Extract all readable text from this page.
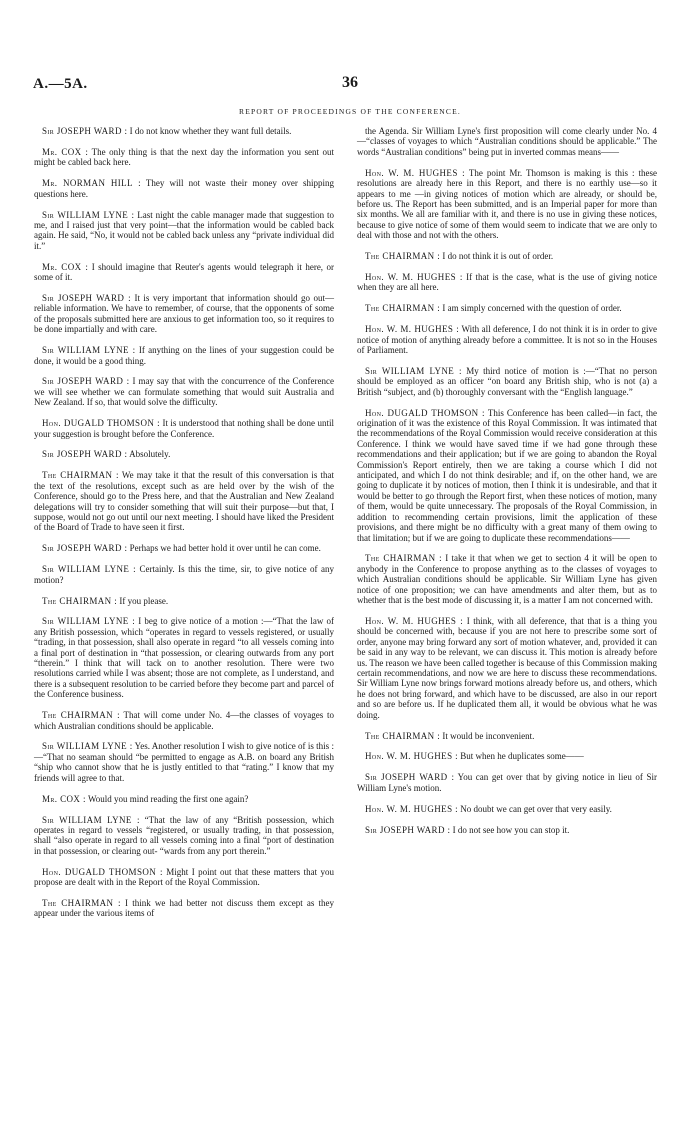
A.—5A.	36
REPORT OF PROCEEDINGS OF THE CONFERENCE.

Sir JOSEPH WARD : I do not know whether they want full details.

Mr. COX : The only thing is that the next day the information you sent out might be cabled back here.

Mr. NORMAN HILL : They will not waste their money over shipping questions here.

Sir WILLIAM LYNE : Last night the cable manager made that suggestion to me, and I raised just that very point—that the information would be cabled back again. He said, “No, it would not be cabled back unless any “private individual did it.”

Mr. COX : I should imagine that Reuter's agents would telegraph it here, or some of it.

Sir JOSEPH WARD : It is very important that information should go out—reliable information. We have to remember, of course, that the opponents of some of the proposals submitted here are anxious to get information too, so it requires to be done impartially and with care.

Sir WILLIAM LYNE : If anything on the lines of your suggestion could be done, it would be a good thing.

Sir JOSEPH WARD : I may say that with the concurrence of the Conference we will see whether we can formulate something that would suit Australia and New Zealand. If so, that would solve the difficulty.

Hon. DUGALD THOMSON : It is understood that nothing shall be done until your suggestion is brought before the Conference.

Sir JOSEPH WARD : Absolutely.

The CHAIRMAN : We may take it that the result of this conversation is that the text of the resolutions, except such as are held over by the wish of the Conference, should go to the Press here, and that the Australian and New Zealand delegations will try to consider something that will suit their purpose—but that, I suppose, would not go out until our next meeting. I should have liked the President of the Board of Trade to have seen it first.

Sir JOSEPH WARD : Perhaps we had better hold it over until he can come.

Sir WILLIAM LYNE : Certainly. Is this the time, sir, to give notice of any motion?

The CHAIRMAN : If you please.

Sir WILLIAM LYNE : I beg to give notice of a motion :—“That the law of any British possession, which “operates in regard to vessels registered, or usually “trading, in that possession, shall also operate in regard “to all vessels coming into a final port of destination in “that possession, or clearing outwards from any port “therein.” I think that will tack on to another resolution. There were two resolutions carried while I was absent; those are not complete, as I understand, and there is a subsequent resolution to be carried before they become part and parcel of the Conference business.

The CHAIRMAN : That will come under No. 4—the classes of voyages to which Australian conditions should be applicable.

Sir WILLIAM LYNE : Yes. Another resolution I wish to give notice of is this :—“That no seaman should “be permitted to engage as A.B. on board any British “ship who cannot show that he is justly entitled to that “rating.” I know that my friends will agree to that.

Mr. COX : Would you mind reading the first one again?

Sir WILLIAM LYNE : “That the law of any “British possession, which operates in regard to vessels “registered, or usually trading, in that possession, shall “also operate in regard to all vessels coming into a final “port of destination in that possession, or clearing out- “wards from any port therein.”

Hon. DUGALD THOMSON : Might I point out that these matters that you propose are dealt with in the Report of the Royal Commission.

The CHAIRMAN : I think we had better not discuss them except as they appear under the various items of

the Agenda. Sir William Lyne's first proposition will come clearly under No. 4—“classes of voyages to which “Australian conditions should be applicable.” The words “Australian conditions” being put in inverted commas means——

Hon. W. M. HUGHES : The point Mr. Thomson is making is this : these resolutions are already here in this Report, and there is no earthly use—so it appears to me —in giving notices of motion which are already, or should be, before us. The Report has been submitted, and is an Imperial paper for more than six months. We all are familiar with it, and there is no use in giving these notices, because to give notice of some of them would seem to indicate that we are only to deal with those and not with the others.

The CHAIRMAN : I do not think it is out of order.

Hon. W. M. HUGHES : If that is the case, what is the use of giving notice when they are all here.

The CHAIRMAN : I am simply concerned with the question of order.

Hon. W. M. HUGHES : With all deference, I do not think it is in order to give notice of motion of anything already before a committee. It is not so in the Houses of Parliament.

Sir WILLIAM LYNE : My third notice of motion is :—“That no person should be employed as an officer “on board any British ship, who is not (a) a British “subject, and (b) thoroughly conversant with the “English language.”

Hon. DUGALD THOMSON : This Conference has been called—in fact, the origination of it was the existence of this Royal Commission. It was intimated that the recommendations of the Royal Commission would receive consideration at this Conference. I think we would have saved time if we had gone through these recommendations and their application; but if we are going to abandon the Royal Commission's Report entirely, then we are taking a course which I did not anticipated, and which I do not think desirable; and if, on the other hand, we are going to duplicate it by notices of motion, then I think it is undesirable, and that it would be better to go through the Report first, when these notices of motion, many of them, would be quite unnecessary. The proposals of the Royal Commission, in addition to recommending certain provisions, limit the application of these provisions, and there might be no difficulty with a great many of them owing to that limitation; but if we are going to duplicate these recommendations——

The CHAIRMAN : I take it that when we get to section 4 it will be open to anybody in the Conference to propose anything as to the classes of voyages to which Australian conditions should be applicable. Sir William Lyne has given notice of one proposition; we can have amendments and alter them, but as to whether that is the best mode of discussing it, is a matter I am not concerned with.

Hon. W. M. HUGHES : I think, with all deference, that that is a thing you should be concerned with, because if you are not here to prescribe some sort of order, anyone may bring forward any sort of motion whatever, and, provided it can be said in any way to be relevant, we can discuss it. This motion is already before us. The reason we have been called together is because of this Commission making certain recommendations, and now we are here to discuss these recommendations. Sir William Lyne now brings forward motions already before us, and others, which he does not bring forward, and which have to be discussed, are also in our report and so are before us. If he duplicated them all, it would be obvious what he was doing.

The CHAIRMAN : It would be inconvenient.

Hon. W. M. HUGHES : But when he duplicates some——

Sir JOSEPH WARD : You can get over that by giving notice in lieu of Sir William Lyne's motion.

Hon. W. M. HUGHES : No doubt we can get over that very easily.

Sir JOSEPH WARD : I do not see how you can stop it.
